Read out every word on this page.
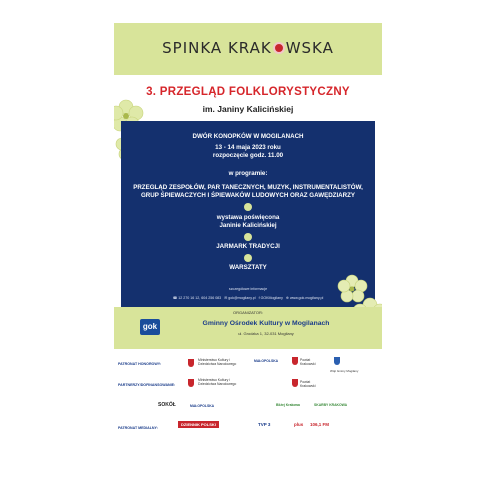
SPINKA KRAK WSKA
3. PRZEGLĄD FOLKLORYSTYCZNY
im. Janiny Kalicińskiej
DWÓR KONOPKÓW W MOGILANACH
13 - 14 maja 2023 roku
rozpoczęcie godz. 11.00
w programie:
PRZEGLĄD ZESPOŁÓW, PAR TANECZNYCH, MUZYK, INSTRUMENTALISTÓW,
GRUP ŚPIEWACZYCH I ŚPIEWAKÓW LUDOWYCH ORAZ GAWĘDZIARZY
wystawa poświęcona
Janinie Kalicińskiej
JARMARK TRADYCJI
WARSZTATY
szczegółowe informacje
☎ 12 270 16 12, 604 256 083 ✉ gok@mogilany.pl f GOKMogilany ⊕ www.gok.mogilany.pl
ORGANIZATOR:
Gminny Ośrodek Kultury w Mogilanach
ul. Grodzka 1, 32-031 Mogilany
gok
PATRONAT HONOROWY:
Ministerstwo Kultury i Dziedzictwa Narodowego
MAŁOPOLSKA	Powiat Krakowski
Wójt Gminy Mogilany
PARTNERZY/DOFINANSOWANIE:
Ministerstwo Kultury i Dziedzictwa Narodowego	Powiat Krakowski
SOKÓŁ	MAŁOPOLSKA	Bliżej Krakowa	SKARBY KRAKOWA
PATRONAT MEDIALNY:
DZIENNIK POLSKI	TVP 3	plus 106,1 FM
